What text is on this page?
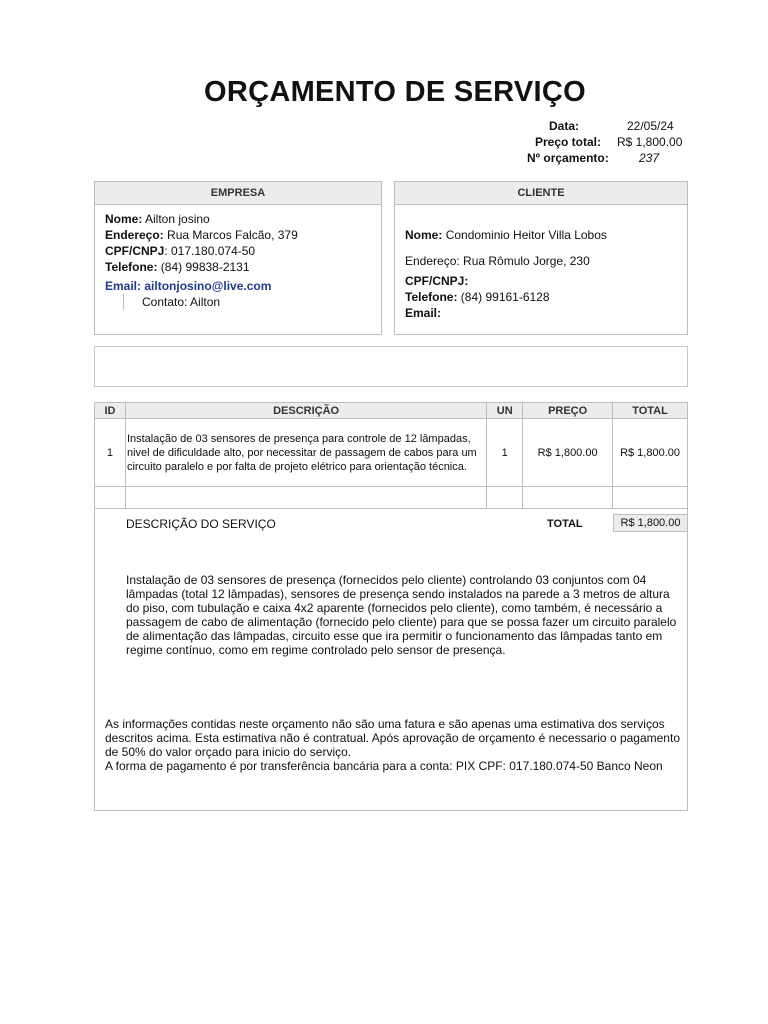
ORÇAMENTO DE SERVIÇO
Data:	22/05/24
Preço total: R$ 1,800.00
Nº orçamento:	237
EMPRESA
Nome: Ailton josino
Endereço: Rua Marcos Falcão, 379
CPF/CNPJ: 017.180.074-50
Telefone: (84) 99838-2131
Email: ailtonjosino@live.com
Contato: Ailton
CLIENTE
Nome: Condominio Heitor Villa Lobos
Endereço: Rua Rômulo Jorge, 230
CPF/CNPJ:
Telefone: (84) 99161-6128
Email:
ID	DESCRIÇÃO	UN	PREÇO	TOTAL
1	Instalação de 03 sensores de presença para controle de 12 lâmpadas, nivel de dificuldade alto, por necessitar de passagem de cabos para um circuito paralelo e por falta de projeto elétrico para orientação técnica.	1	R$ 1,800.00	R$ 1,800.00

DESCRIÇÃO DO SERVIÇO	TOTAL	R$ 1,800.00
Instalação de 03 sensores de presença (fornecidos pelo cliente) controlando 03 conjuntos com 04 lâmpadas (total 12 lâmpadas), sensores de presença sendo instalados na parede a 3 metros de altura do piso, com tubulação e caixa 4x2 aparente (fornecidos pelo cliente), como também, é necessário a passagem de cabo de alimentação (fornecido pelo cliente) para que se possa fazer um circuito paralelo de alimentação das lâmpadas, circuito esse que ira permitir o funcionamento das lâmpadas tanto em regime contínuo, como em regime controlado pelo sensor de presença.
As informações contidas neste orçamento não são uma fatura e são apenas uma estimativa dos serviços descritos acima. Esta estimativa não é contratual. Após aprovação de orçamento é necessario o pagamento de 50% do valor orçado para inicio do serviço.
A forma de pagamento é por transferência bancária para a conta: PIX CPF: 017.180.074-50 Banco Neon
